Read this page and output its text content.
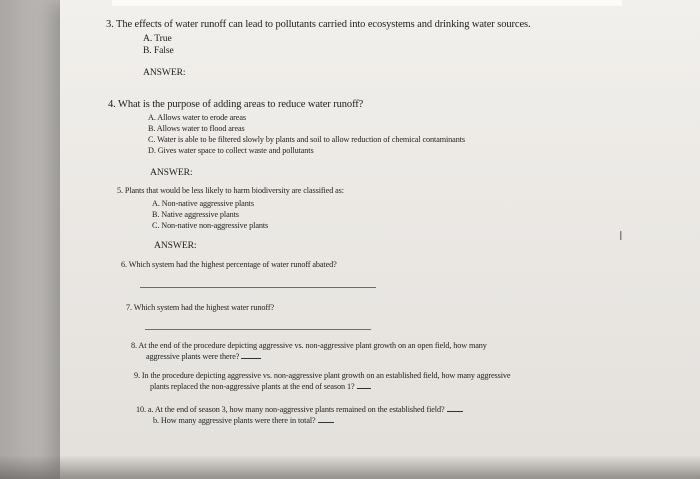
3. The effects of water runoff can lead to pollutants carried into ecosystems and drinking water sources.
A. True
B. False
ANSWER:
4. What is the purpose of adding areas to reduce water runoff?
A. Allows water to erode areas
B. Allows water to flood areas
C. Water is able to be filtered slowly by plants and soil to allow reduction of chemical contaminants
D. Gives water space to collect waste and pollutants
ANSWER:
5. Plants that would be less likely to harm biodiversity are classified as:
A. Non-native aggressive plants
B. Native aggressive plants
C. Non-native non-aggressive plants
ANSWER:
6. Which system had the highest percentage of water runoff abated?
7. Which system had the highest water runoff?
8. At the end of the procedure depicting aggressive vs. non-aggressive plant growth on an open field, how many
aggressive plants were there?
9. In the procedure depicting aggressive vs. non-aggressive plant growth on an established field, how many aggressive
plants replaced the non-aggressive plants at the end of season 1?
10. a. At the end of season 3, how many non-aggressive plants remained on the established field?
b. How many aggressive plants were there in total?
I
